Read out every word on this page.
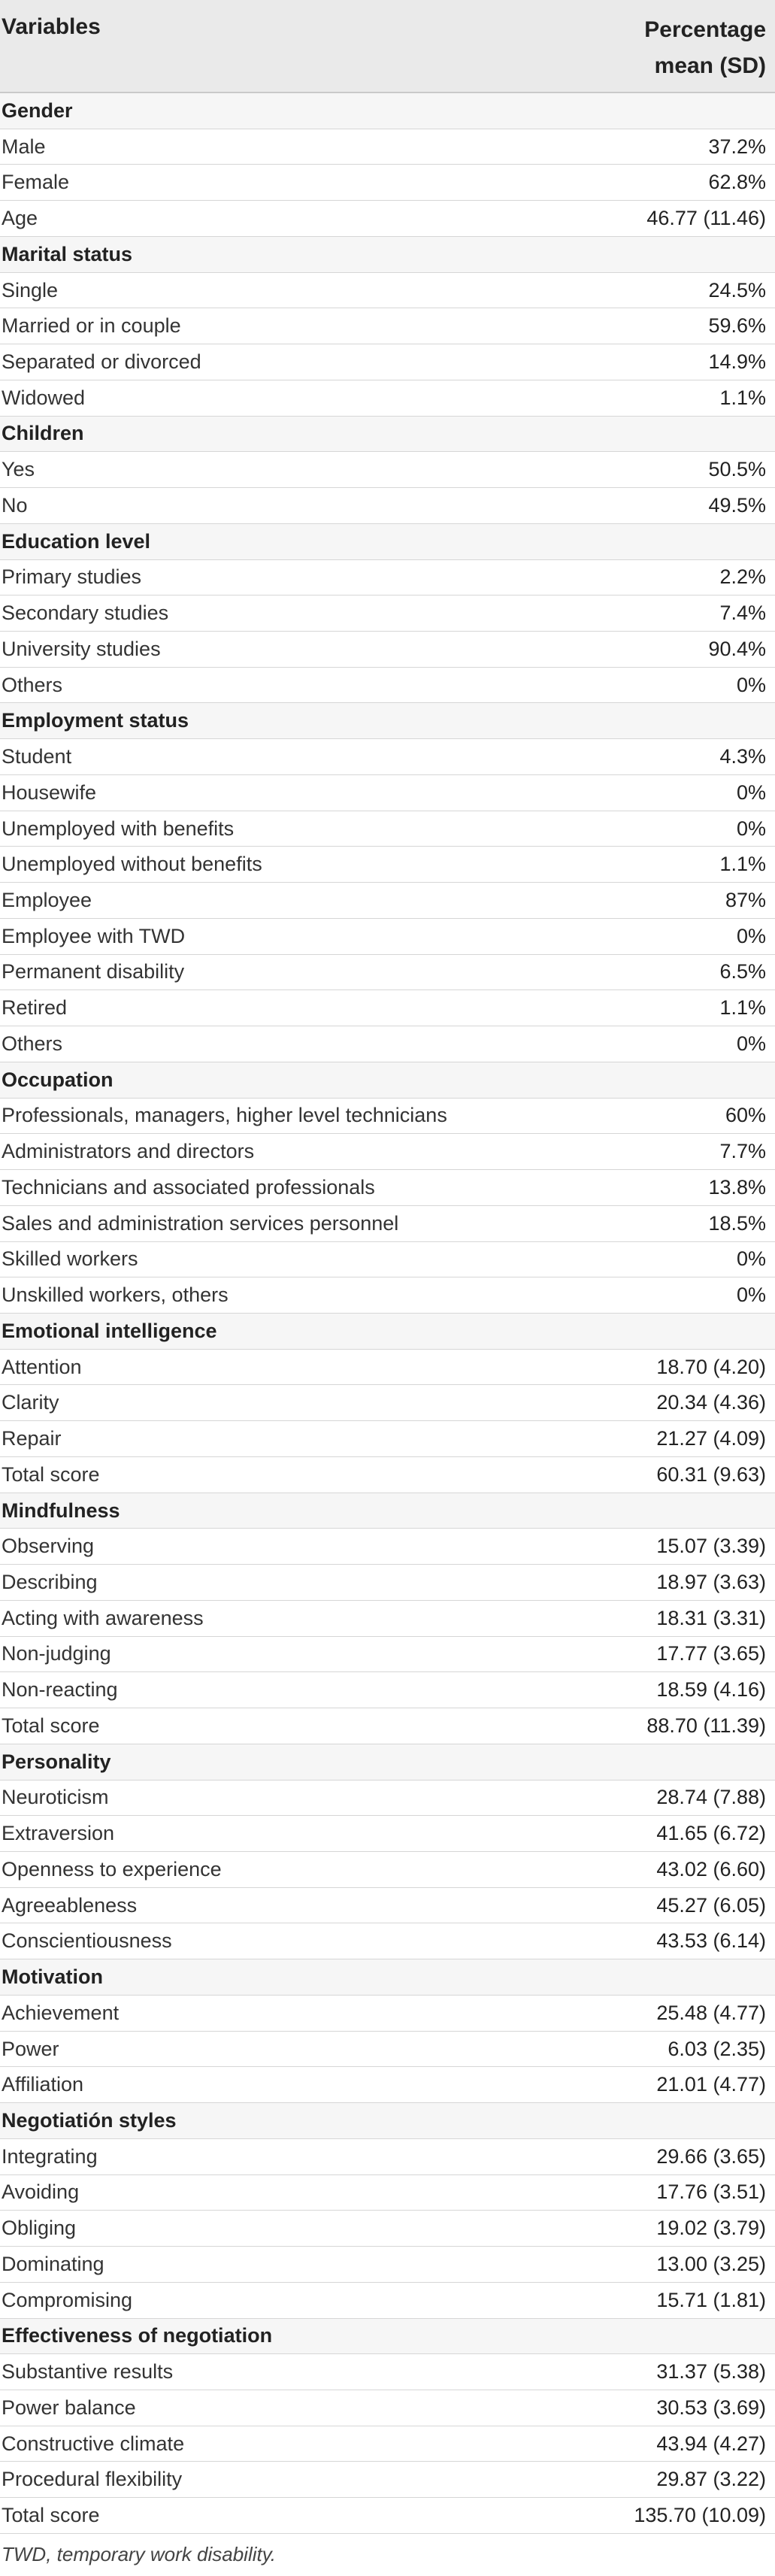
Variables	Percentage
mean (SD)
Gender
Male	37.2%
Female	62.8%
Age	46.77 (11.46)
Marital status
Single	24.5%
Married or in couple	59.6%
Separated or divorced	14.9%
Widowed	1.1%
Children
Yes	50.5%
No	49.5%
Education level
Primary studies	2.2%
Secondary studies	7.4%
University studies	90.4%
Others	0%
Employment status
Student	4.3%
Housewife	0%
Unemployed with benefits	0%
Unemployed without benefits	1.1%
Employee	87%
Employee with TWD	0%
Permanent disability	6.5%
Retired	1.1%
Others	0%
Occupation
Professionals, managers, higher level technicians	60%
Administrators and directors	7.7%
Technicians and associated professionals	13.8%
Sales and administration services personnel	18.5%
Skilled workers	0%
Unskilled workers, others	0%
Emotional intelligence
Attention	18.70 (4.20)
Clarity	20.34 (4.36)
Repair	21.27 (4.09)
Total score	60.31 (9.63)
Mindfulness
Observing	15.07 (3.39)
Describing	18.97 (3.63)
Acting with awareness	18.31 (3.31)
Non-judging	17.77 (3.65)
Non-reacting	18.59 (4.16)
Total score	88.70 (11.39)
Personality
Neuroticism	28.74 (7.88)
Extraversion	41.65 (6.72)
Openness to experience	43.02 (6.60)
Agreeableness	45.27 (6.05)
Conscientiousness	43.53 (6.14)
Motivation
Achievement	25.48 (4.77)
Power	6.03 (2.35)
Affiliation	21.01 (4.77)
Negotiatión styles
Integrating	29.66 (3.65)
Avoiding	17.76 (3.51)
Obliging	19.02 (3.79)
Dominating	13.00 (3.25)
Compromising	15.71 (1.81)
Effectiveness of negotiation
Substantive results	31.37 (5.38)
Power balance	30.53 (3.69)
Constructive climate	43.94 (4.27)
Procedural flexibility	29.87 (3.22)
Total score	135.70 (10.09)
TWD, temporary work disability.
